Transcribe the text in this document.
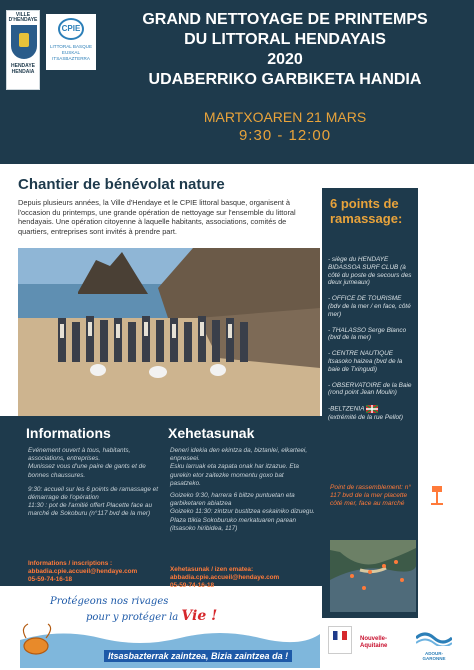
VILLE D'HENDAYE
HENDAYE HENDAIA
CPIE
LITTORAL BASQUE EUSKAL ITSASBAZTERRA
GRAND NETTOYAGE DE PRINTEMPS
DU LITTORAL HENDAYAIS
2020
UDABERRIKO GARBIKETA HANDIA
MARTXOAREN 21 MARS
9:30 - 12:00
Chantier de bénévolat nature
Depuis plusieurs années, la Ville d'Hendaye et le CPIE littoral basque, organisent à l'occasion du printemps, une grande opération de nettoyage sur l'ensemble du littoral hendayais. Une opération citoyenne à laquelle habitants, associations, comités de quartiers, entreprises sont invités à prendre part.
Informations
Evénement ouvert à tous, habitants, associations, entreprises.
Munissez vous d'une paire de gants et de bonnes chaussures.
9:30: accueil sur les 6 points de ramassage et démarrage de l'opération
11:30 : pot de l'amitié offert Placette face au marché de Sokoburu (n°117 bvd de la mer)
Informations / inscriptions :
abbadia.cpie.accueil@hendaye.com
05-59-74-16-18
Xehetasunak
Deneri idekia den ekintza da, biztanlei, elkarteei, enpreseei.
Esku larruak eta zapata onak har itzazue. Eta gurekin etor zaitezke momentu goxo bat pasatzeko.
Goizeko 9:30, harrera 6 biltze puntuetan eta garbiketaren abiatzea
Goizeko 11:30: zintzur bustitzea eskainiko dizuegu. Plaza ttikia Sokoburuko merkatuaren parean (itsasoko hiribidea, 117)
Xehetasunak / izen ematea:
abbadia.cpie.accueil@hendaye.com
05-59-74-16-18
6 points de ramassage:
- siège du HENDAYE BIDASSOA SURF CLUB (à côté du poste de secours des deux jumeaux)
- OFFICE DE TOURISME (bdv de la mer / en face, côté mer)
- THALASSO Serge Blanco (bvd de la mer)
- CENTRE NAUTIQUE Itsasoko haizea (bvd de la baie de Txingudi)
- OBSERVATOIRE de la Baie (rond point Jean Moulin)
-BELTZENIA
(extrémité de la rue Pellot)
Point de rassemblement: n° 117 bvd de la mer placette côté mer, face au marché
Protégeons nos rivages
pour y protéger la Vie !
Itsasbazterrak zaintzea, Bizia zaintzea da !
Nouvelle-Aquitaine
ADOUR-GARONNE
